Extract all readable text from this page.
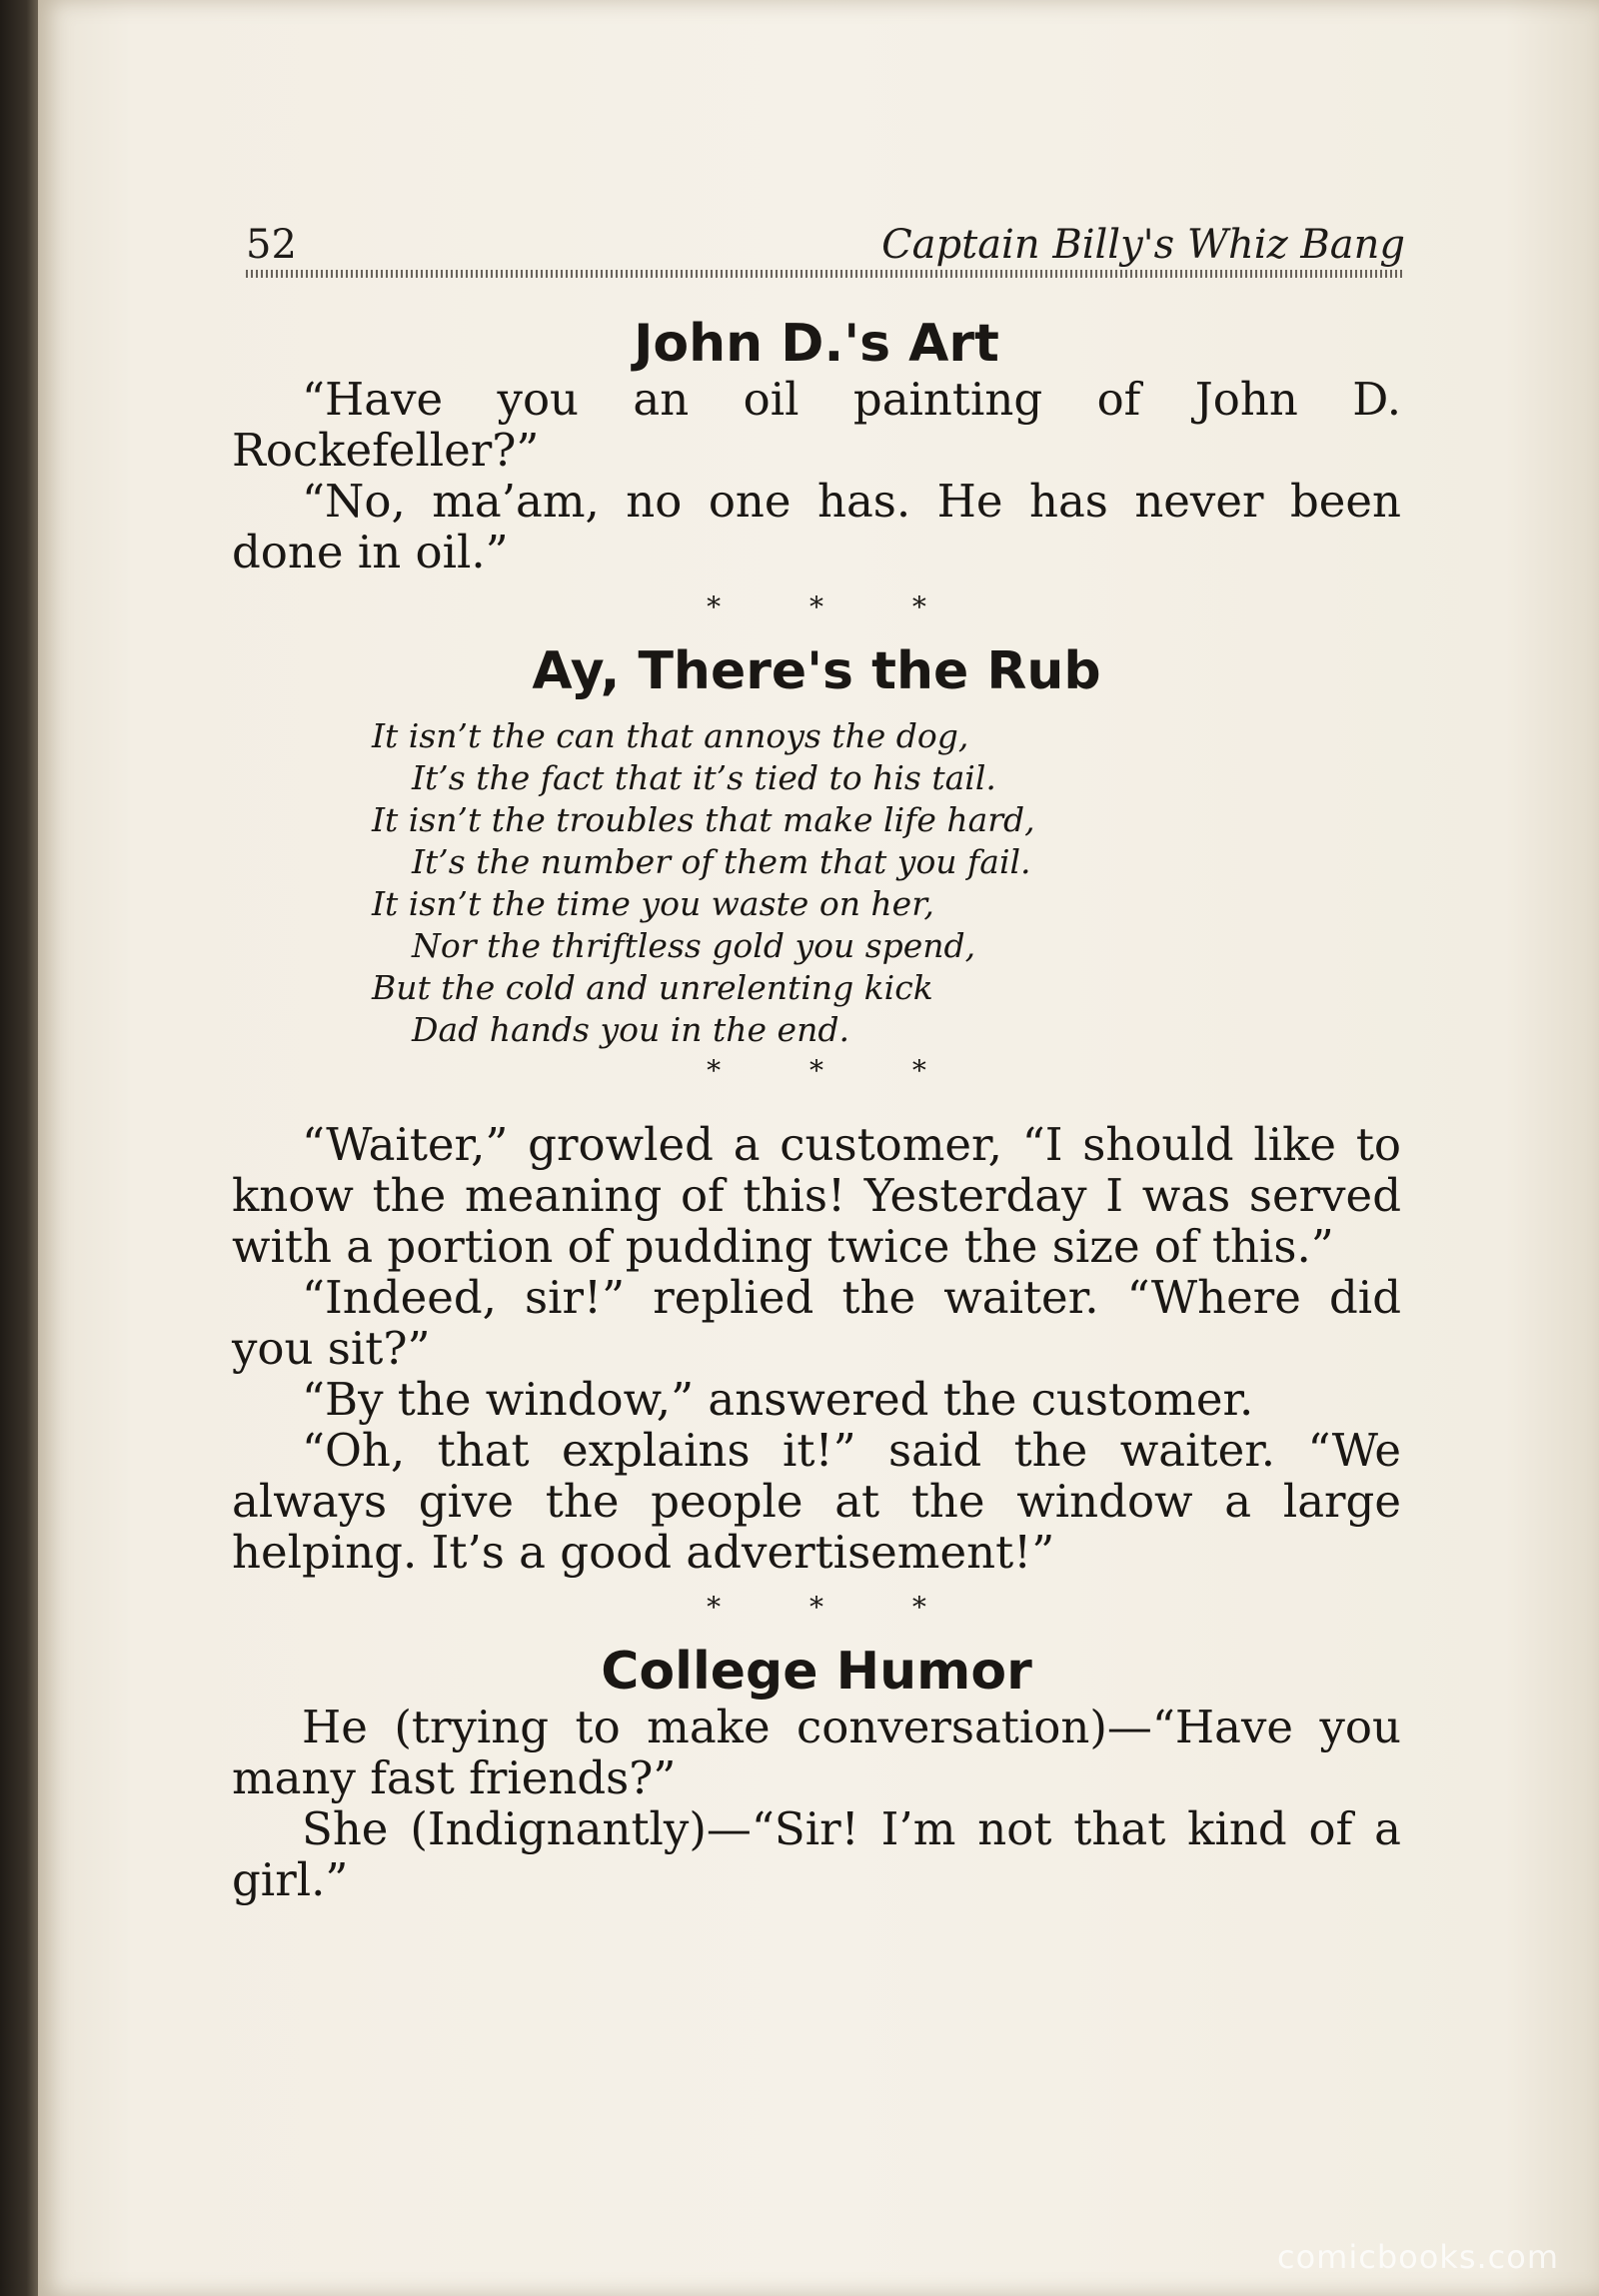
52	Captain Billy's Whiz Bang
John D.'s Art

“Have you an oil painting of John D. Rockefeller?”

“No, ma’am, no one has. He has never been done in oil.”

* * *
Ay, There's the Rub
It isn’t the can that annoys the dog,
It’s the fact that it’s tied to his tail.
It isn’t the troubles that make life hard,
It’s the number of them that you fail.
It isn’t the time you waste on her,
Nor the thriftless gold you spend,
But the cold and unrelenting kick
Dad hands you in the end.
* * *

“Waiter,” growled a customer, “I should like to know the meaning of this! Yesterday I was served with a portion of pudding twice the size of this.”

“Indeed, sir!” replied the waiter. “Where did you sit?”

“By the window,” answered the customer.

“Oh, that explains it!” said the waiter. “We always give the people at the window a large helping. It’s a good advertisement!”

* * *
College Humor

He (trying to make conversation)—“Have you many fast friends?”

She (Indignantly)—“Sir! I’m not that kind of a girl.”

comicbooks.com
